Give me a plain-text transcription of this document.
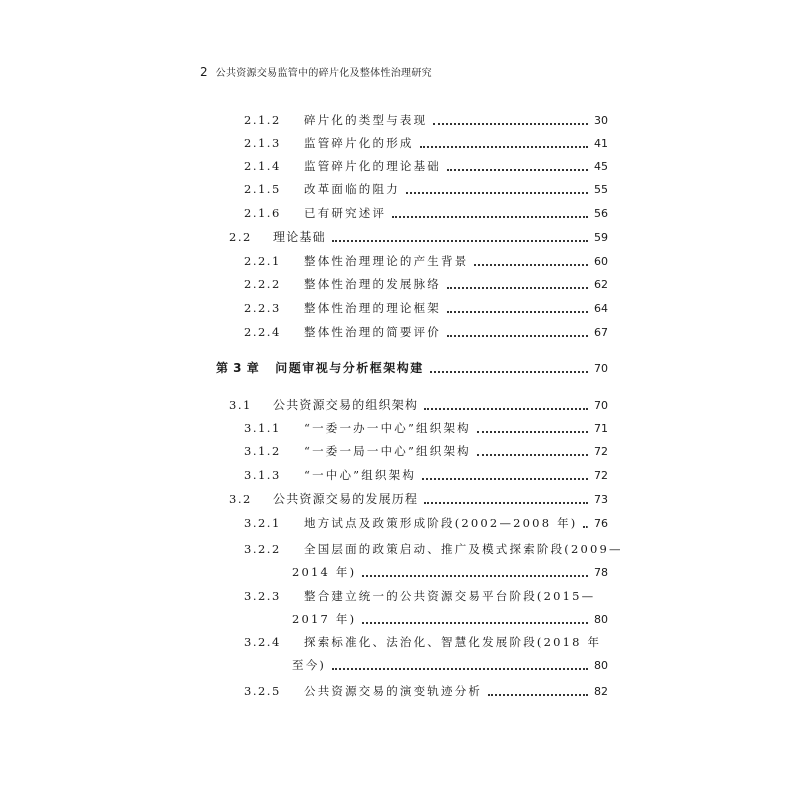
2 公共资源交易监管中的碎片化及整体性治理研究
2.1.2	碎片化的类型与表现	30
2.1.3	监管碎片化的形成	41
2.1.4	监管碎片化的理论基础	45
2.1.5	改革面临的阻力	55
2.1.6	已有研究述评	56
2.2	理论基础	59
2.2.1	整体性治理理论的产生背景	60
2.2.2	整体性治理的发展脉络	62
2.2.3	整体性治理的理论框架	64
2.2.4	整体性治理的简要评价	67
第 3 章 问题审视与分析框架构建	70
3.1	公共资源交易的组织架构	70
3.1.1	“一委一办一中心”组织架构	71
3.1.2	“一委一局一中心”组织架构	72
3.1.3	“一中心”组织架构	72
3.2	公共资源交易的发展历程	73
3.2.1	地方试点及政策形成阶段(2002—2008 年) 76
3.2.2 全国层面的政策启动、推广及模式探索阶段(2009—
2014 年)	78
3.2.3 整合建立统一的公共资源交易平台阶段(2015—
2017 年)	80
3.2.4 探索标准化、法治化、智慧化发展阶段(2018 年
至今)	80
3.2.5	公共资源交易的演变轨迹分析	82
